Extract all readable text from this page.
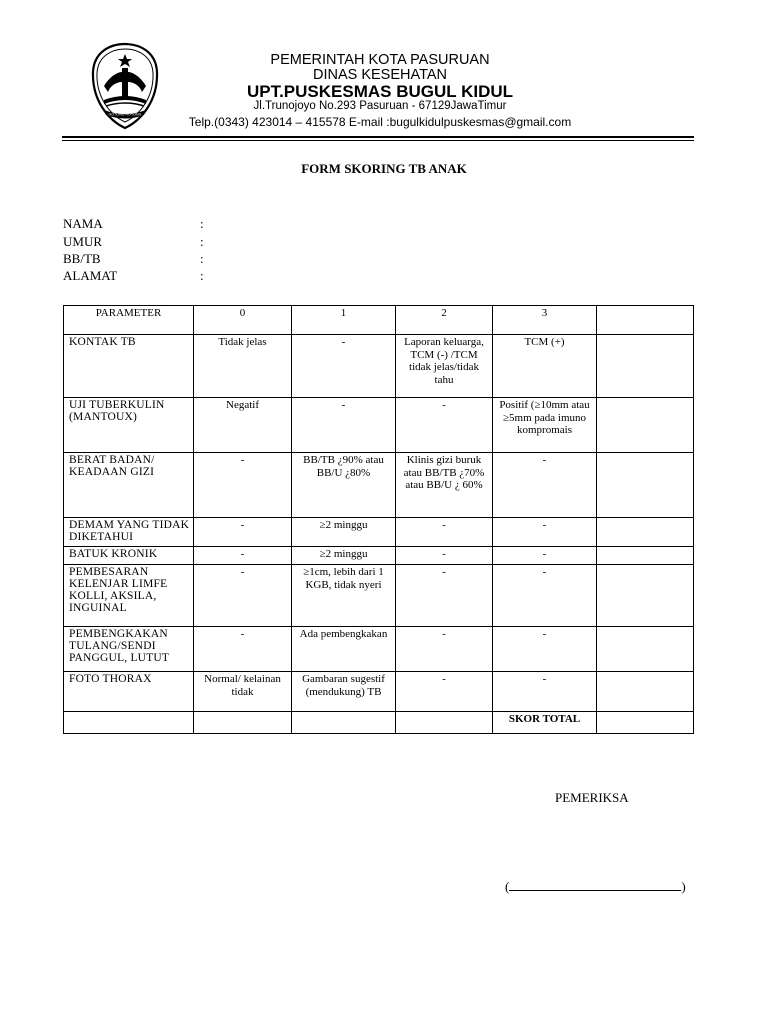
GOTONG ROYONG
PEMERINTAH KOTA PASURUAN
DINAS KESEHATAN
UPT.PUSKESMAS BUGUL KIDUL
Jl.Trunojoyo No.293 Pasuruan - 67129JawaTimur
Telp.(0343) 423014 – 415578 E-mail :bugulkidulpuskesmas@gmail.com
FORM SKORING TB ANAK
NAMA	:
UMUR	:
BB/TB	:
ALAMAT	:
PARAMETER	0	1	2	3	
KONTAK TB	Tidak jelas	-	Laporan keluarga, TCM (-) /TCM tidak jelas/tidak tahu	TCM (+)	
UJI TUBERKULIN (MANTOUX)	Negatif	-	-	Positif (≥10mm atau ≥5mm pada imuno kompromais	
BERAT BADAN/ KEADAAN GIZI	-	BB/TB ¿90% atau BB/U ¿80%	Klinis gizi buruk atau BB/TB ¿70% atau BB/U ¿ 60%	-	
DEMAM YANG TIDAK DIKETAHUI	-	≥2 minggu	-	-	
BATUK KRONIK	-	≥2 minggu	-	-	
PEMBESARAN KELENJAR LIMFE KOLLI, AKSILA, INGUINAL	-	≥1cm, lebih dari 1 KGB, tidak nyeri	-	-	
PEMBENGKAKAN TULANG/SENDI PANGGUL, LUTUT	-	Ada pembengkakan	-	-	
FOTO THORAX	Normal/ kelainan tidak	Gambaran sugestif (mendukung) TB	-	-	
				SKOR TOTAL	
PEMERIKSA
(	)
